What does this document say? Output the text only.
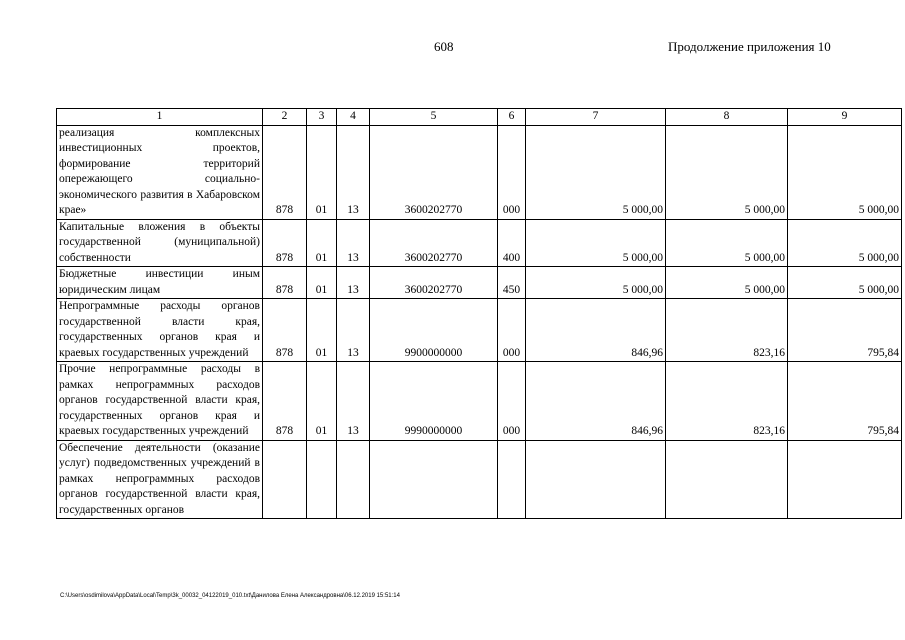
608	Продолжение приложения 10
1	2	3	4	5	6	7	8	9
реализация комплексных инвестиционных проектов, формирование территорий опережающего социально-экономического развития в Хабаровском крае»	878	01	13	3600202770	000	5 000,00	5 000,00	5 000,00
Капитальные вложения в объекты государственной (муниципальной) собственности	878	01	13	3600202770	400	5 000,00	5 000,00	5 000,00
Бюджетные инвестиции иным юридическим лицам	878	01	13	3600202770	450	5 000,00	5 000,00	5 000,00
Непрограммные расходы органов государственной власти края, государственных органов края и краевых государственных учреждений	878	01	13	9900000000	000	846,96	823,16	795,84
Прочие непрограммные расходы в рамках непрограммных расходов органов государственной власти края, государственных органов края и краевых государственных учреждений	878	01	13	9990000000	000	846,96	823,16	795,84
Обеспечение деятельности (оказание услуг) подведомственных учреждений в рамках непрограммных расходов органов государственной власти края, государственных органов								
C:\Users\osdimilova\AppData\Local\Temp\3k_00032_04122019_010.txt\Данилова Елена Александровна\06.12.2019 15:51:14
